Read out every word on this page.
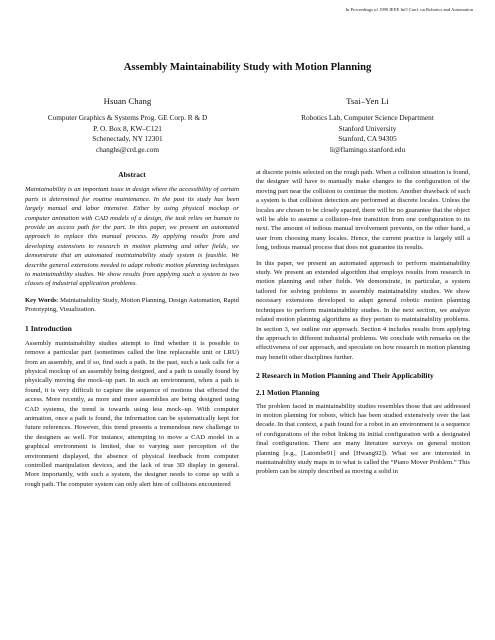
In Proceedings of 1999 IEEE Int'l Conf. on Robotics and Automation
Assembly Maintainability Study with Motion Planning
Hsuan Chang
Computer Graphics & Systems Prog. GE Corp. R & D
P. O. Box 8, KW–C121
Schenectady, NY 12301
changhs@crd.ge.com
Tsai–Yen Li
Robotics Lab, Computer Science Department
Stanford University
Stanford, CA 94305
li@flamingo.stanford.edu
Abstract

Maintainability is an important issue in design where the accessibility of certain parts is determined for routine maintenance. In the past its study has been largely manual and labor intensive. Either by using physical mockup or computer animation with CAD models of a design, the task relies on human to provide an access path for the part. In this paper, we present an automated approach to replace this manual process. By applying results from and developing extensions to research in motion planning and other fields, we demonstrate that an automated maintainability study system is feasible. We describe general extensions needed to adapt robotic motion planning techniques to maintainability studies. We show results from applying such a system to two classes of industrial application problems.

Key Words: Maintainability Study, Motion Planning, Design Automation, Rapid Prototyping, Visualization.

1 Introduction

Assembly maintainability studies attempt to find whether it is possible to remove a particular part (sometimes called the line replaceable unit or LRU) from an assembly, and if so, find such a path. In the past, such a task calls for a physical mockup of an assembly being designed, and a path is usually found by physically moving the mock–up part. In such an environment, when a path is found, it is very difficult to capture the sequence of motions that effected the access. More recently, as more and more assemblies are being designed using CAD systems, the trend is towards using less mock–up. With computer animation, once a path is found, the information can be systematically kept for future references. However, this trend presents a tremendous new challenge to the designers as well. For instance, attempting to move a CAD model in a graphical environment is limited, due to varying user perception of the environment displayed, the absence of physical feedback from computer controlled manipulation devices, and the lack of true 3D display in general. More importantly, with such a system, the designer needs to come up with a rough path. The computer system can only alert him of collisions encountered

at discrete points selected on the rough path. When a collision situation is found, the designer will have to manually make changes to the configuration of the moving part near the collision to continue the motion. Another drawback of such a system is that collision detection are performed at discrete locales. Unless the locales are chosen to be closely spaced, there will be no guarantee that the object will be able to assume a collision–free transition from one configuration to its next. The amount of tedious manual involvement prevents, on the other hand, a user from choosing many locales. Hence, the current practice is largely still a long, tedious manual process that does not guarantee its results.

In this paper, we present an automated approach to perform maintainability study. We present an extended algorithm that employs results from research in motion planning and other fields. We demonstrate, in particular, a system tailored for solving problems in assembly maintainability studies. We show necessary extensions developed to adapt general robotic motion planning techniques to perform maintainability studies. In the next section, we analyze related motion planning algorithms as they pertain to maintainability problems. In section 3, we outline our approach. Section 4 includes results from applying the approach to different industrial problems. We conclude with remarks on the effectiveness of our approach, and speculate on how research in motion planning may benefit other disciplines further.

2 Research in Motion Planning and Their Applicability
2.1 Motion Planning

The problem faced in maintainability studies resembles those that are addressed in motion planning for robots, which has been studied extensively over the last decade. In that context, a path found for a robot in an environment is a sequence of configurations of the robot linking its initial configuration with a designated final configuration. There are many literature surveys on general motion planning [e.g., [Latombe91] and [Hwang92]). What we are interested in maintainability study maps in to what is called the “Piano Mover Problem.” This problem can be simply described as moving a solid in
